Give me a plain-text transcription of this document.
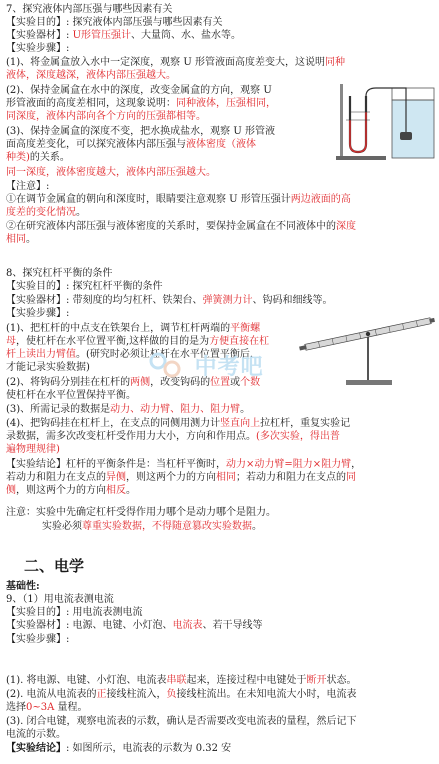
7、探究液体内部压强与哪些因素有关
【实验目的】: 探究液体内部压强与哪些因素有关
【实验器材】: U形管压强计、大量筒、水、盐水等。
【实验步骤】:
(1)、将金属盒放入水中一定深度，观察 U 形管液面高度差变大，这说明同种
液体，深度越深，液体内部压强越大。
(2)、保持金属盒在水中的深度，改变金属盒的方向，观察 U
形管液面的高度差相同，这现象说明：同种液体，压强相同，
同深度，液体内部向各个方向的压强都相等。
(3)、保持金属盒的深度不变，把水换成盐水，观察 U 形管液
面高度差变化，可以探究液体内部压强与液体密度（液体
种类)的关系。
同一深度，液体密度越大，液体内部压强越大。
【注意】:
①在调节金属盒的朝向和深度时，眼睛要注意观察 U 形管压强计两边液面的高
度差的变化情况。
②在研究液体内部压强与液体密度的关系时，要保持金属盒在不同液体中的深度
相同。
8、探究杠杆平衡的条件
【实验目的】: 探究杠杆平衡的条件
【实验器材】: 带刻度的均匀杠杆、铁架台、弹簧测力计、钩码和细线等。
【实验步骤】:
(1)、把杠杆的中点支在铁架台上，调节杠杆两端的平衡螺
母，使杠杆在水平位置平衡,这样做的目的是为方便直接在杠
杆上读出力臂值。(研究时必须让杠杆在水平位置平衡后，
才能记录实验数据)
(2)、将钩码分别挂在杠杆的两侧，改变钩码的位置或个数
使杠杆在水平位置保持平衡。
(3)、所需记录的数据是动力、动力臂、阻力、阻力臂。
(4)、把钩码挂在杠杆上，在支点的同侧用测力计竖直向上拉杠杆，重复实验记
录数据，需多次改变杠杆受作用力大小，方向和作用点。(多次实验，得出普
遍物理规律)
【实验结论】杠杆的平衡条件是：当杠杆平衡时，动力×动力臂=阻力×阻力臂，
若动力和阻力在支点的异侧，则这两个力的方向相同；若动力和阻力在支点的同
侧，则这两个力的方向相反。
注意：实验中先确定杠杆受得作用力哪个是动力哪个是阻力。
实验必须尊重实验数据，不得随意篡改实验数据。
中考吧
二、电学
基础性:
9、（1）用电流表测电流
【实验目的】: 用电流表测电流
【实验器材】: 电源、电键、小灯泡、电流表、若干导线等
【实验步骤】:
(1). 将电源、电键、小灯泡、电流表串联起来，连接过程中电键处于断开状态。
(2). 电流从电流表的正接线柱流入，负接线柱流出。在未知电流大小时，电流表
选择0~3A 量程。
(3). 闭合电键，观察电流表的示数，确认是否需要改变电流表的量程，然后记下
电流的示数。
【实验结论】: 如图所示，电流表的示数为 0.32 安
